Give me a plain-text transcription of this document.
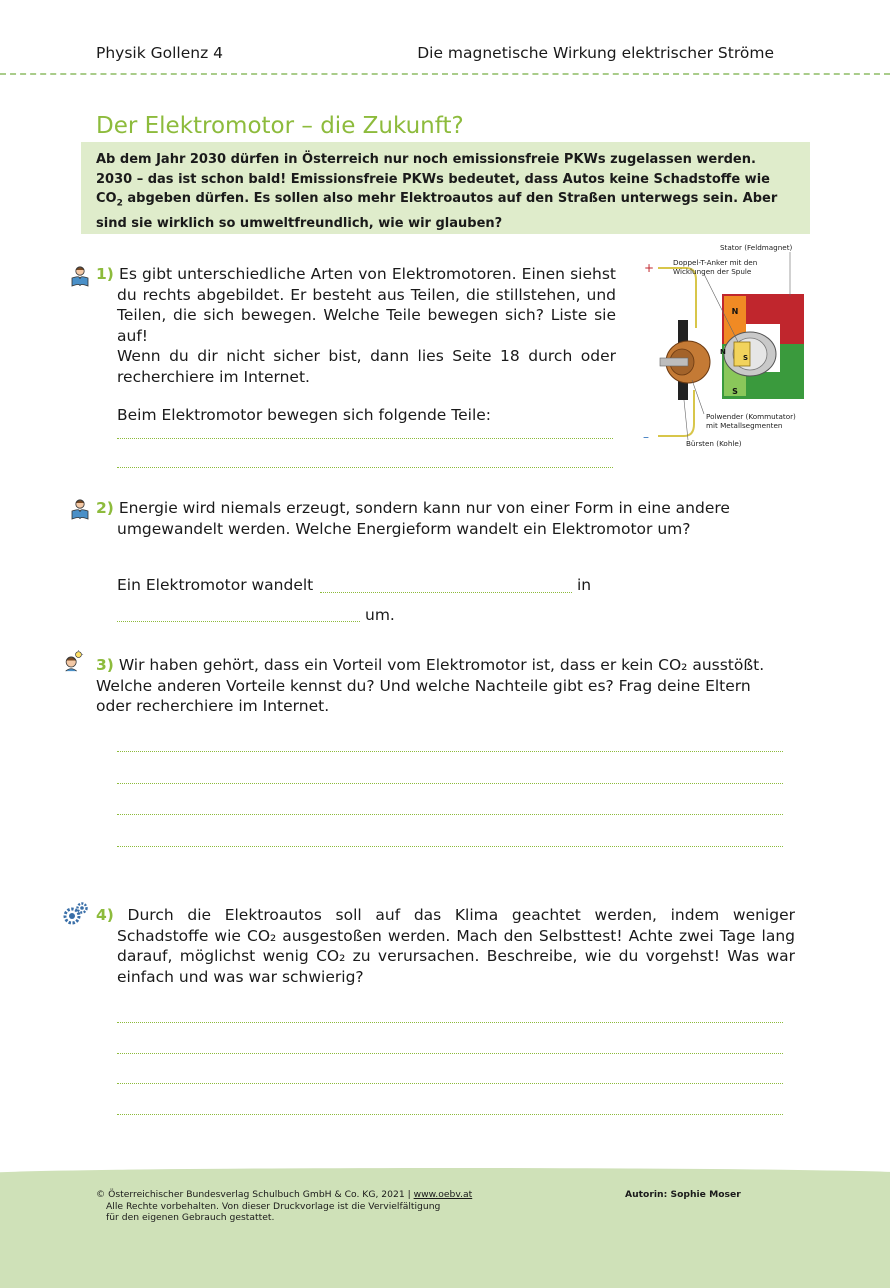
Physik Gollenz 4	Die magnetische Wirkung elektrischer Ströme
Der Elektromotor – die Zukunft?

Ab dem Jahr 2030 dürfen in Österreich nur noch emissionsfreie PKWs zugelassen werden. 2030 – das ist schon bald! Emissionsfreie PKWs bedeutet, dass Autos keine Schadstoffe wie $CO_2$ abgeben dürfen. Es sollen also mehr Elektroautos auf den Straßen unterwegs sein. Aber sind sie wirklich so umweltfreundlich, wie wir glauben?

1) Es gibt unterschiedliche Arten von Elektromotoren. Einen siehst du rechts abgebildet. Er besteht aus Teilen, die stillstehen, und Teilen, die sich bewegen. Welche Teile bewegen sich? Liste sie auf!

Wenn du dir nicht sicher bist, dann lies Seite 18 durch oder recherchiere im Internet.

Beim Elektromotor bewegen sich folgende Teile:

N
S
N
S
+
–
Stator (Feldmagnet)
Doppel-T-Anker mit den
Wicklungen der Spule
Polwender (Kommutator)
mit Metallsegmenten
Bürsten (Kohle)

2) Energie wird niemals erzeugt, sondern kann nur von einer Form in eine andere umgewandelt werden. Welche Energieform wandelt ein Elektromotor um?

Ein Elektromotor wandelt	in
um.

3) Wir haben gehört, dass ein Vorteil vom Elektromotor ist, dass er kein CO₂ ausstößt.

Welche anderen Vorteile kennst du? Und welche Nachteile gibt es? Frag deine Eltern oder recherchiere im Internet.

4) Durch die Elektroautos soll auf das Klima geachtet werden, indem weniger Schadstoffe wie CO₂ ausgestoßen werden. Mach den Selbsttest! Achte zwei Tage lang darauf, möglichst wenig CO₂ zu verursachen. Beschreibe, wie du vorgehst! Was war einfach und was war schwierig?

© Österreichischer Bundesverlag Schulbuch GmbH & Co. KG, 2021 | www.oebv.at
Alle Rechte vorbehalten. Von dieser Druckvorlage ist die Vervielfältigung
für den eigenen Gebrauch gestattet.
Autorin: Sophie Moser
